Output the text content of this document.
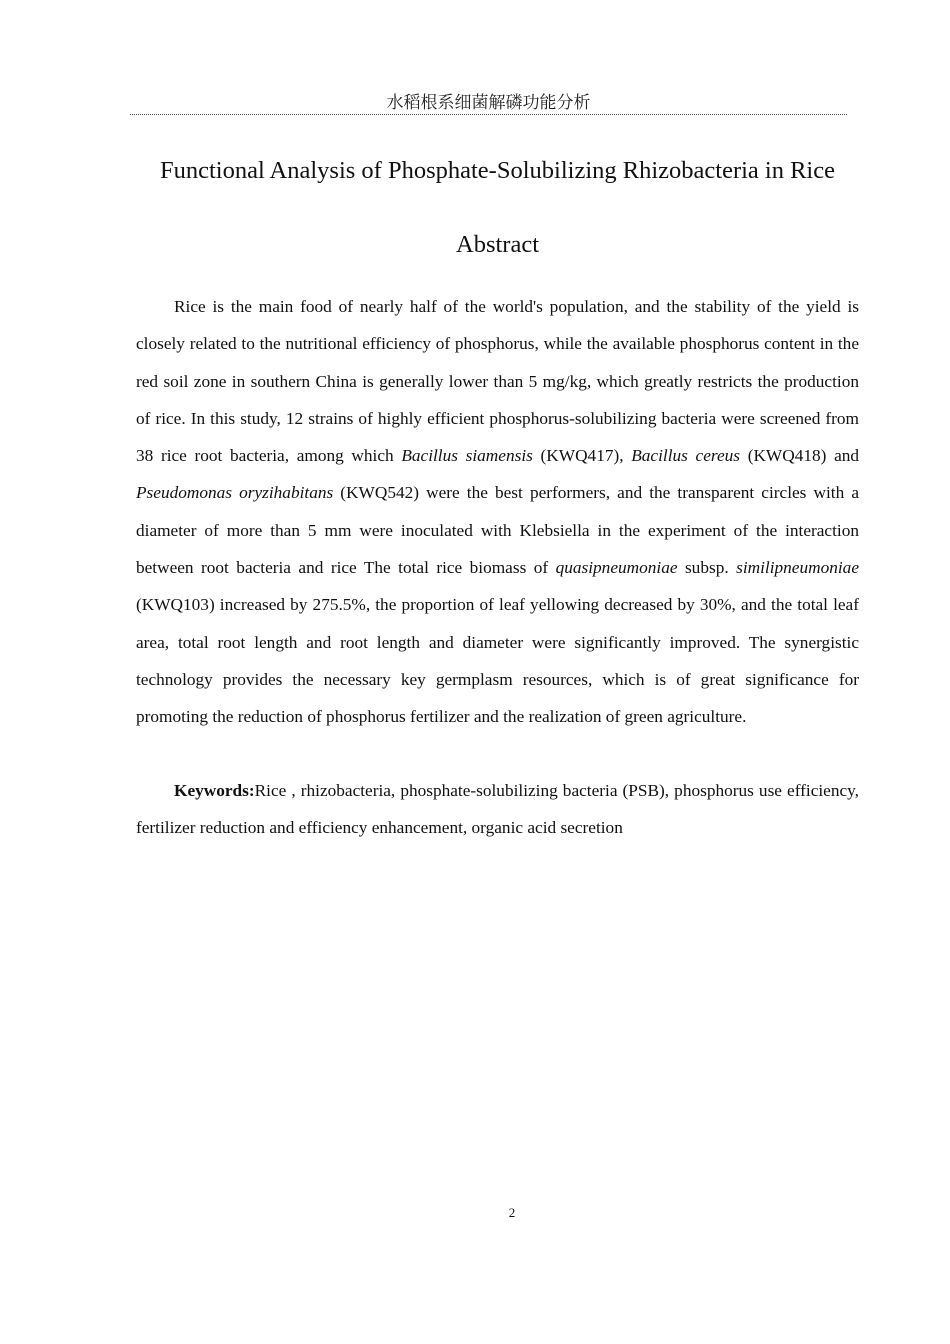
水稻根系细菌解磷功能分析
Functional Analysis of Phosphate-Solubilizing Rhizobacteria in Rice
Abstract

Rice is the main food of nearly half of the world's population, and the stability of the yield is closely related to the nutritional efficiency of phosphorus, while the available phosphorus content in the red soil zone in southern China is generally lower than 5 mg/kg, which greatly restricts the production of rice. In this study, 12 strains of highly efficient phosphorus-solubilizing bacteria were screened from 38 rice root bacteria, among which Bacillus siamensis (KWQ417), Bacillus cereus (KWQ418) and Pseudomonas oryzihabitans (KWQ542) were the best performers, and the transparent circles with a diameter of more than 5 mm were inoculated with Klebsiella in the experiment of the interaction between root bacteria and rice The total rice biomass of quasipneumoniae subsp. similipneumoniae (KWQ103) increased by 275.5%, the proportion of leaf yellowing decreased by 30%, and the total leaf area, total root length and root length and diameter were significantly improved. The synergistic technology provides the necessary key germplasm resources, which is of great significance for promoting the reduction of phosphorus fertilizer and the realization of green agriculture.

Keywords:Rice , rhizobacteria, phosphate-solubilizing bacteria (PSB), phosphorus use efficiency, fertilizer reduction and efficiency enhancement, organic acid secretion

2
